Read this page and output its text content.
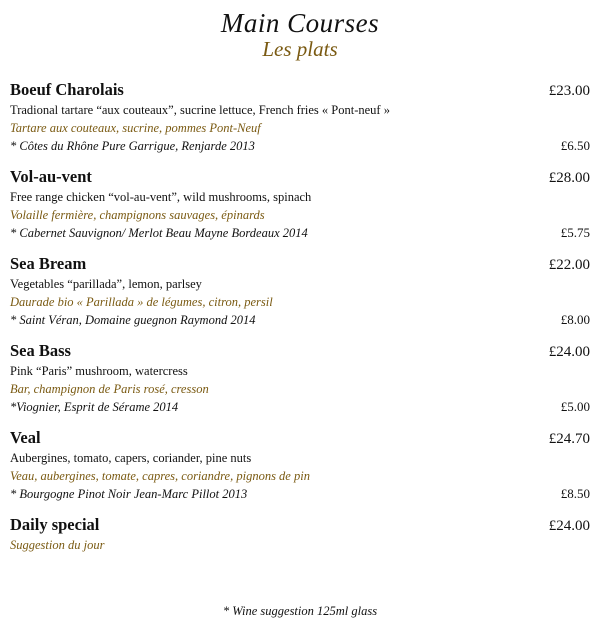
Main Courses
Les plats
Boeuf Charolais	£23.00
Tradional tartare “aux couteaux”, sucrine lettuce, French fries « Pont-neuf »
Tartare aux couteaux, sucrine, pommes Pont-Neuf
* Côtes du Rhône Pure Garrigue, Renjarde 2013	£6.50
Vol-au-vent	£28.00
Free range chicken “vol-au-vent”, wild mushrooms, spinach
Volaille fermière, champignons sauvages, épinards
* Cabernet Sauvignon/ Merlot Beau Mayne Bordeaux 2014	£5.75
Sea Bream	£22.00
Vegetables “parillada”, lemon, parlsey
Daurade bio « Parillada » de légumes, citron, persil
* Saint Véran, Domaine guegnon Raymond 2014	£8.00
Sea Bass	£24.00
Pink “Paris” mushroom, watercress
Bar, champignon de Paris rosé, cresson
*Viognier, Esprit de Sérame 2014	£5.00
Veal	£24.70
Aubergines, tomato, capers, coriander, pine nuts
Veau, aubergines, tomate, capres, coriandre, pignons de pin
* Bourgogne Pinot Noir Jean-Marc Pillot 2013	£8.50
Daily special	£24.00
Suggestion du jour
* Wine suggestion 125ml glass
